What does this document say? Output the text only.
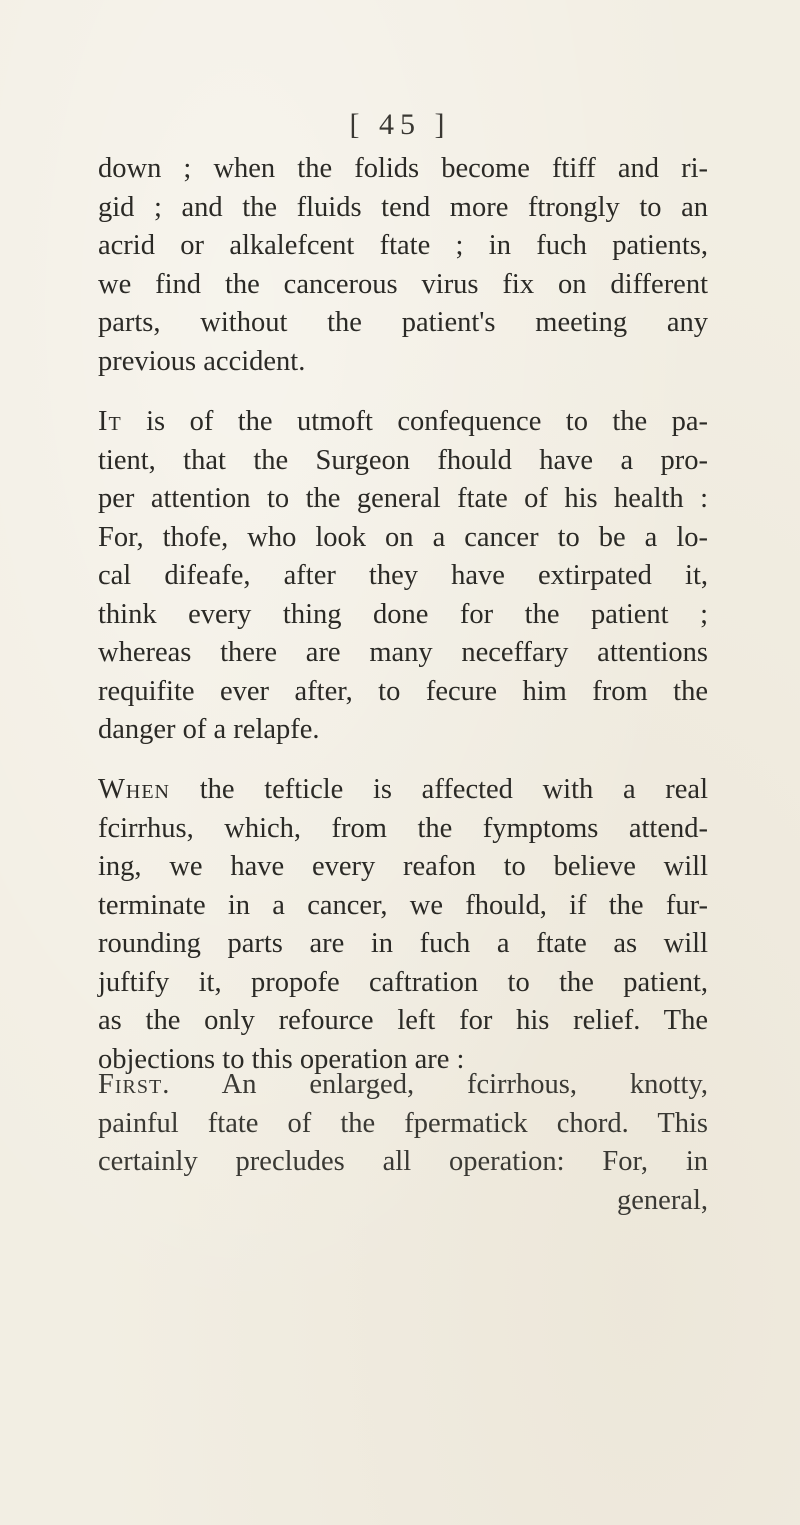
[ 45 ]
down ; when the folids become ftiff and ri-
gid ; and the fluids tend more ftrongly to an
acrid or alkalefcent ftate ; in fuch patients,
we find the cancerous virus fix on different
parts, without the patient's meeting any
previous accident.
It is of the utmoft confequence to the pa-
tient, that the Surgeon fhould have a pro-
per attention to the general ftate of his health :
For, thofe, who look on a cancer to be a lo-
cal difeafe, after they have extirpated it,
think every thing done for the patient ;
whereas there are many neceffary attentions
requifite ever after, to fecure him from the
danger of a relapfe.
When the tefticle is affected with a real
fcirrhus, which, from the fymptoms attend-
ing, we have every reafon to believe will
terminate in a cancer, we fhould, if the fur-
rounding parts are in fuch a ftate as will
juftify it, propofe caftration to the patient,
as the only refource left for his relief. The
objections to this operation are :
First. An enlarged, fcirrhous, knotty,
painful ftate of the fpermatick chord. This
certainly precludes all operation: For, in
general,
